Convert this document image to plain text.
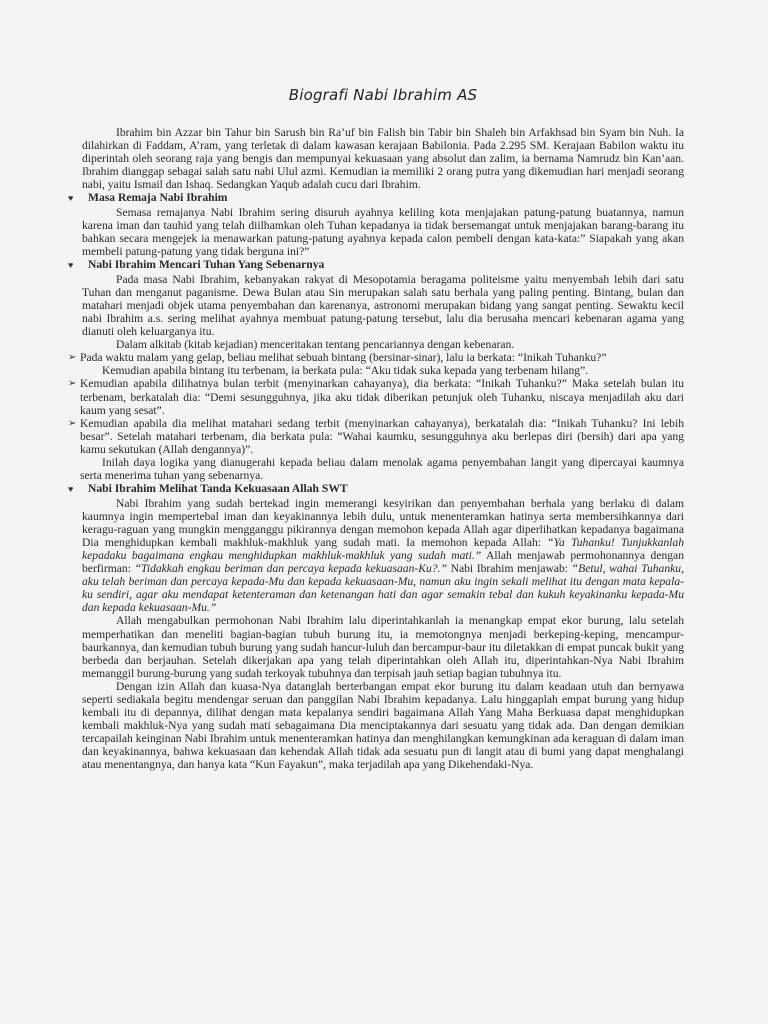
Biografi Nabi Ibrahim AS

Ibrahim bin Azzar bin Tahur bin Sarush bin Ra’uf bin Falish bin Tabir bin Shaleh bin Arfakhsad bin Syam bin Nuh. Ia dilahirkan di Faddam, A’ram, yang terletak di dalam kawasan kerajaan Babilonia. Pada 2.295 SM. Kerajaan Babilon waktu itu diperintah oleh seorang raja yang bengis dan mempunyai kekuasaan yang absolut dan zalim, ia bernama Namrudz bin Kan’aan. Ibrahim dianggap sebagai salah satu nabi Ulul azmi. Kemudian ia memiliki 2 orang putra yang dikemudian hari menjadi seorang nabi, yaitu Ismail dan Ishaq. Sedangkan Yaqub adalah cucu dari Ibrahim.

♥	Masa Remaja Nabi Ibrahim

Semasa remajanya Nabi Ibrahim sering disuruh ayahnya keliling kota menjajakan patung-patung buatannya, namun karena iman dan tauhid yang telah diilhamkan oleh Tuhan kepadanya ia tidak bersemangat untuk menjajakan barang-barang itu bahkan secara mengejek ia menawarkan patung-patung ayahnya kepada calon pembeli dengan kata-kata:” Siapakah yang akan membeli patung-patung yang tidak berguna ini?”

♥	Nabi Ibrahim Mencari Tuhan Yang Sebenarnya

Pada masa Nabi Ibrahim, kebanyakan rakyat di Mesopotamia beragama politeisme yaitu menyembah lebih dari satu Tuhan dan menganut paganisme. Dewa Bulan atau Sin merupakan salah satu berhala yang paling penting. Bintang, bulan dan matahari menjadi objek utama penyembahan dan karenanya, astronomi merupakan bidang yang sangat penting. Sewaktu kecil nabi Ibrahim a.s. sering melihat ayahnya membuat patung-patung tersebut, lalu dia berusaha mencari kebenaran agama yang dianuti oleh keluarganya itu.

Dalam alkitab (kitab kejadian) menceritakan tentang pencariannya dengan kebenaran.

➢ Pada waktu malam yang gelap, beliau melihat sebuah bintang (bersinar-sinar), lalu ia berkata: “Inikah Tuhanku?”
Kemudian apabila bintang itu terbenam, ia berkata pula: “Aku tidak suka kepada yang terbenam hilang”.
➢ Kemudian apabila dilihatnya bulan terbit (menyinarkan cahayanya), dia berkata: “Inikah Tuhanku?” Maka setelah bulan itu terbenam, berkatalah dia: “Demi sesungguhnya, jika aku tidak diberikan petunjuk oleh Tuhanku, niscaya menjadilah aku dari kaum yang sesat”.
➢ Kemudian apabila dia melihat matahari sedang terbit (menyinarkan cahayanya), berkatalah dia: “Inikah Tuhanku? Ini lebih besar”. Setelah matahari terbenam, dia berkata pula: “Wahai kaumku, sesungguhnya aku berlepas diri (bersih) dari apa yang kamu sekutukan (Allah dengannya)”.
Inilah daya logika yang dianugerahi kepada beliau dalam menolak agama penyembahan langit yang dipercayai kaumnya serta menerima tuhan yang sebenarnya.
♥	Nabi Ibrahim Melihat Tanda Kekuasaan Allah SWT

Nabi Ibrahim yang sudah bertekad ingin memerangi kesyirikan dan penyembahan berhala yang berlaku di dalam kaumnya ingin mempertebal iman dan keyakinannya lebih dulu, untuk menenteramkan hatinya serta membersihkannya dari keragu-raguan yang mungkin mengganggu pikirannya dengan memohon kepada Allah agar diperlihatkan kepadanya bagaimana Dia menghidupkan kembali makhluk-makhluk yang sudah mati. Ia memohon kepada Allah: “Ya Tuhanku! Tunjukkanlah kepadaku bagaimana engkau menghidupkan makhluk-makhluk yang sudah mati.” Allah menjawab permohonannya dengan berfirman: “Tidakkah engkau beriman dan percaya kepada kekuasaan-Ku?.” Nabi Ibrahim menjawab: “Betul, wahai Tuhanku, aku telah beriman dan percaya kepada-Mu dan kepada kekuasaan-Mu, namun aku ingin sekali melihat itu dengan mata kepala-ku sendiri, agar aku mendapat ketenteraman dan ketenangan hati dan agar semakin tebal dan kukuh keyakinanku kepada-Mu dan kepada kekuasaan-Mu.”

Allah mengabulkan permohonan Nabi Ibrahim lalu diperintahkanlah ia menangkap empat ekor burung, lalu setelah memperhatikan dan meneliti bagian-bagian tubuh burung itu, ia memotongnya menjadi berkeping-keping, mencampur-baurkannya, dan kemudian tubuh burung yang sudah hancur-luluh dan bercampur-baur itu diletakkan di empat puncak bukit yang berbeda dan berjauhan. Setelah dikerjakan apa yang telah diperintahkan oleh Allah itu, diperintahkan-Nya Nabi Ibrahim memanggil burung-burung yang sudah terkoyak tubuhnya dan terpisah jauh setiap bagian tubuhnya itu.

Dengan izin Allah dan kuasa-Nya datanglah berterbangan empat ekor burung itu dalam keadaan utuh dan bernyawa seperti sediakala begitu mendengar seruan dan panggilan Nabi Ibrahim kepadanya. Lalu hinggaplah empat burung yang hidup kembali itu di depannya, dilihat dengan mata kepalanya sendiri bagaimana Allah Yang Maha Berkuasa dapat menghidupkan kembali makhluk-Nya yang sudah mati sebagaimana Dia menciptakannya dari sesuatu yang tidak ada. Dan dengan demikian tercapailah keinginan Nabi Ibrahim untuk menenteramkan hatinya dan menghilangkan kemungkinan ada keraguan di dalam iman dan keyakinannya, bahwa kekuasaan dan kehendak Allah tidak ada sesuatu pun di langit atau di bumi yang dapat menghalangi atau menentangnya, dan hanya kata “Kun Fayakun”, maka terjadilah apa yang Dikehendaki-Nya.
